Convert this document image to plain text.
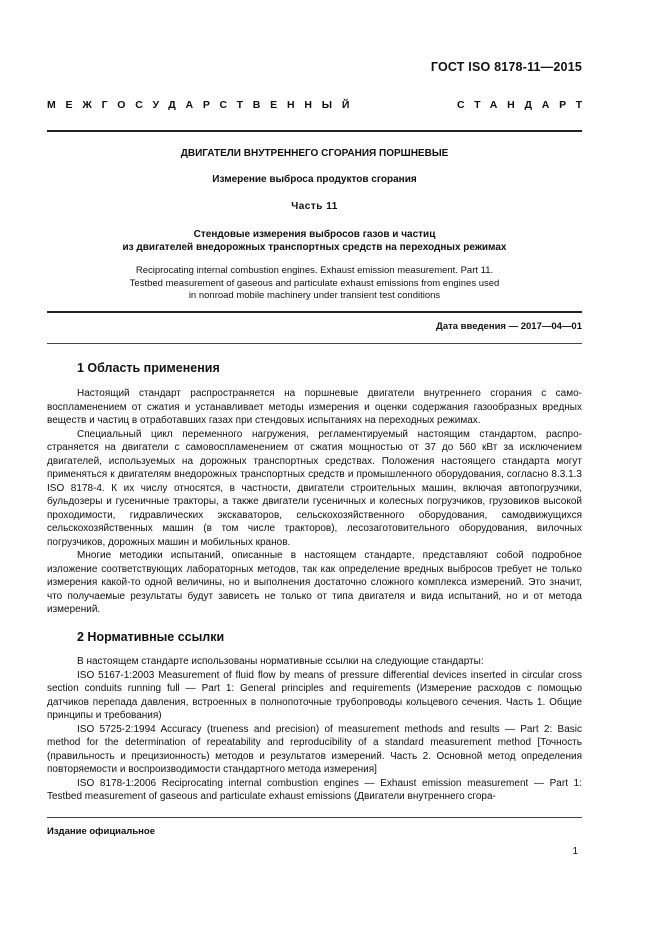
ГОСТ ISO 8178-11—2015
МЕЖГОСУДАРСТВЕННЫЙ	СТАНДАРТ
ДВИГАТЕЛИ ВНУТРЕННЕГО СГОРАНИЯ ПОРШНЕВЫЕ
Измерение выброса продуктов сгорания
Часть 11
Стендовые измерения выбросов газов и частиц
из двигателей внедорожных транспортных средств на переходных режимах
Reciprocating internal combustion engines. Exhaust emission measurement. Part 11.
Testbed measurement of gaseous and particulate exhaust emissions from engines used
in nonroad mobile machinery under transient test conditions
Дата введения — 2017—04—01
1 Область применения

Настоящий стандарт распространяется на поршневые двигатели внутреннего сгорания с самовоспламенением от сжатия и устанавливает методы измерения и оценки содержания газообразных вредных веществ и частиц в отработавших газах при стендовых испытаниях на переходных режимах.

Специальный цикл переменного нагружения, регламентируемый настоящим стандартом, распространяется на двигатели с самовоспламенением от сжатия мощностью от 37 до 560 кВт за исключением двигателей, используемых на дорожных транспортных средствах. Положения настоящего стандарта могут применяться к двигателям внедорожных транспортных средств и промышленного оборудования, согласно 8.3.1.3 ISO 8178-4. К их числу относятся, в частности, двигатели строительных машин, включая автопогрузчики, бульдозеры и гусеничные тракторы, а также двигатели гусеничных и колесных погрузчиков, грузовиков высокой проходимости, гидравлических экскаваторов, сельскохозяйственного оборудования, самодвижущихся сельскохозяйственных машин (в том числе тракторов), лесозаготовительного оборудования, вилочных погрузчиков, дорожных машин и мобильных кранов.

Многие методики испытаний, описанные в настоящем стандарте, представляют собой подробное изложение соответствующих лабораторных методов, так как определение вредных выбросов требует не только измерения какой-то одной величины, но и выполнения достаточно сложного комплекса измерений. Это значит, что получаемые результаты будут зависеть не только от типа двигателя и вида испытаний, но и от метода измерений.

2 Нормативные ссылки

В настоящем стандарте использованы нормативные ссылки на следующие стандарты:

ISO 5167-1:2003 Measurement of fluid flow by means of pressure differential devices inserted in circular cross section conduits running full — Part 1: General principles and requirements (Измерение расходов с помощью датчиков перепада давления, встроенных в полнопоточные трубопроводы кольцевого сечения. Часть 1. Общие принципы и требования)

ISO 5725-2:1994 Accuracy (trueness and precision) of measurement methods and results — Part 2: Basic method for the determination of repeatability and reproducibility of a standard measurement method [Точность (правильность и прецизионность) методов и результатов измерений. Часть 2. Основной метод определения повторяемости и воспроизводимости стандартного метода измерения]

ISO 8178-1:2006 Reciprocating internal combustion engines — Exhaust emission measurement — Part 1: Testbed measurement of gaseous and particulate exhaust emissions (Двигатели внутреннего сгора-

Издание официальное
1
